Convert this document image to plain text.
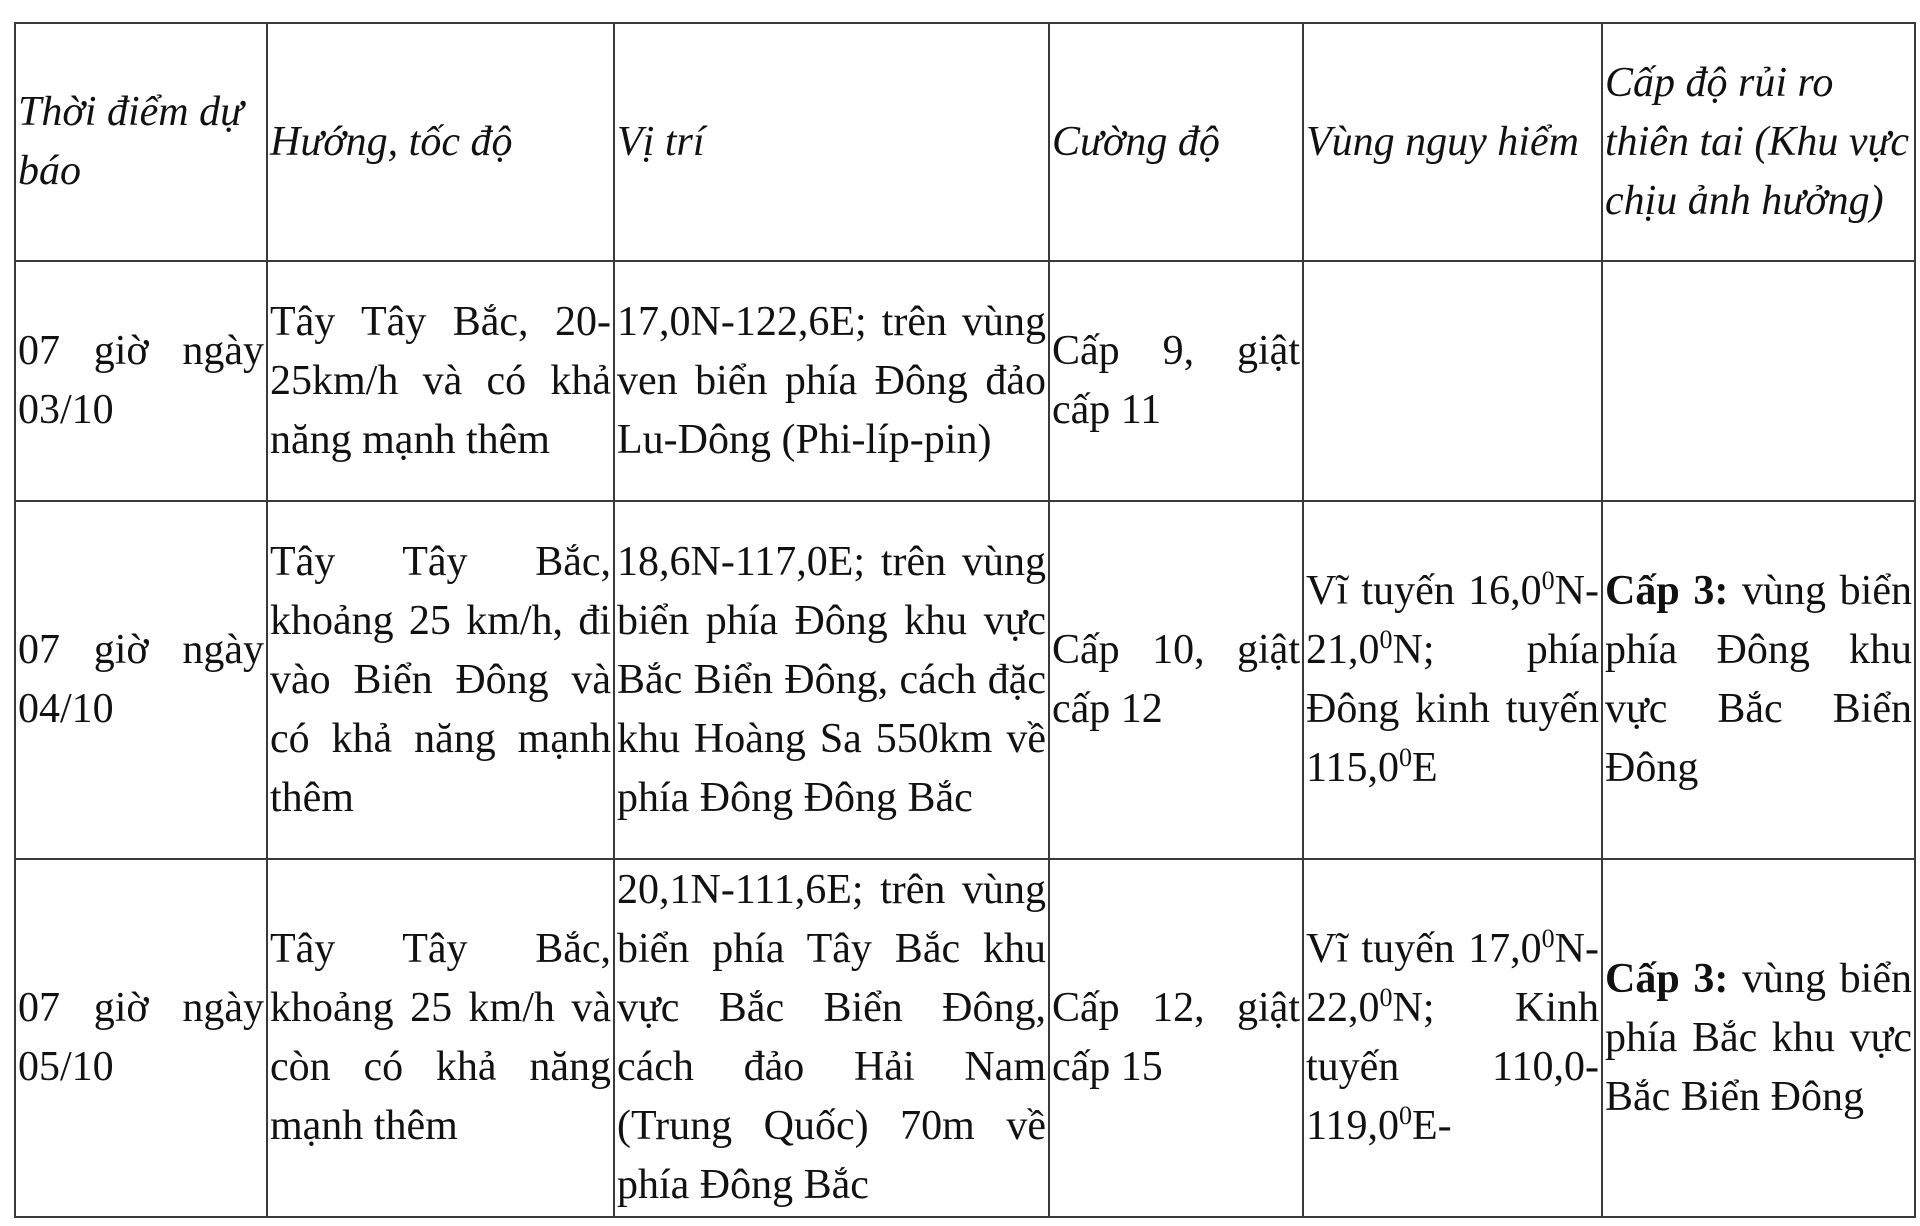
Thời điểm dự báo	Hướng, tốc độ	Vị trí	Cường độ	Vùng nguy hiểm	Cấp độ rủi ro thiên tai (Khu vực chịu ảnh hưởng)
07 giờ ngày 03/10	Tây Tây Bắc, 20-25km/h và có khả năng mạnh thêm	17,0N-122,6E; trên vùng ven biển phía Đông đảo Lu-Dông (Phi-líp-pin)	Cấp 9, giật cấp 11		
07 giờ ngày 04/10	Tây Tây Bắc, khoảng 25 km/h, đi vào Biển Đông và có khả năng mạnh thêm	18,6N-117,0E; trên vùng biển phía Đông khu vực Bắc Biển Đông, cách đặc khu Hoàng Sa 550km về phía Đông Đông Bắc	Cấp 10, giật cấp 12	Vĩ tuyến 16,0$^0$N-21,0$^0$N; phía Đông kinh tuyến 115,0$^0$E	Cấp 3: vùng biển phía Đông khu vực Bắc Biển Đông
07 giờ ngày 05/10	Tây Tây Bắc, khoảng 25 km/h và còn có khả năng mạnh thêm	20,1N-111,6E; trên vùng biển phía Tây Bắc khu vực Bắc Biển Đông, cách đảo Hải Nam (Trung Quốc) 70m về phía Đông Bắc	Cấp 12, giật cấp 15	Vĩ tuyến 17,0$^0$N-22,0$^0$N; Kinh tuyến 110,0- 119,0$^0$E-	Cấp 3: vùng biển phía Bắc khu vực Bắc Biển Đông
